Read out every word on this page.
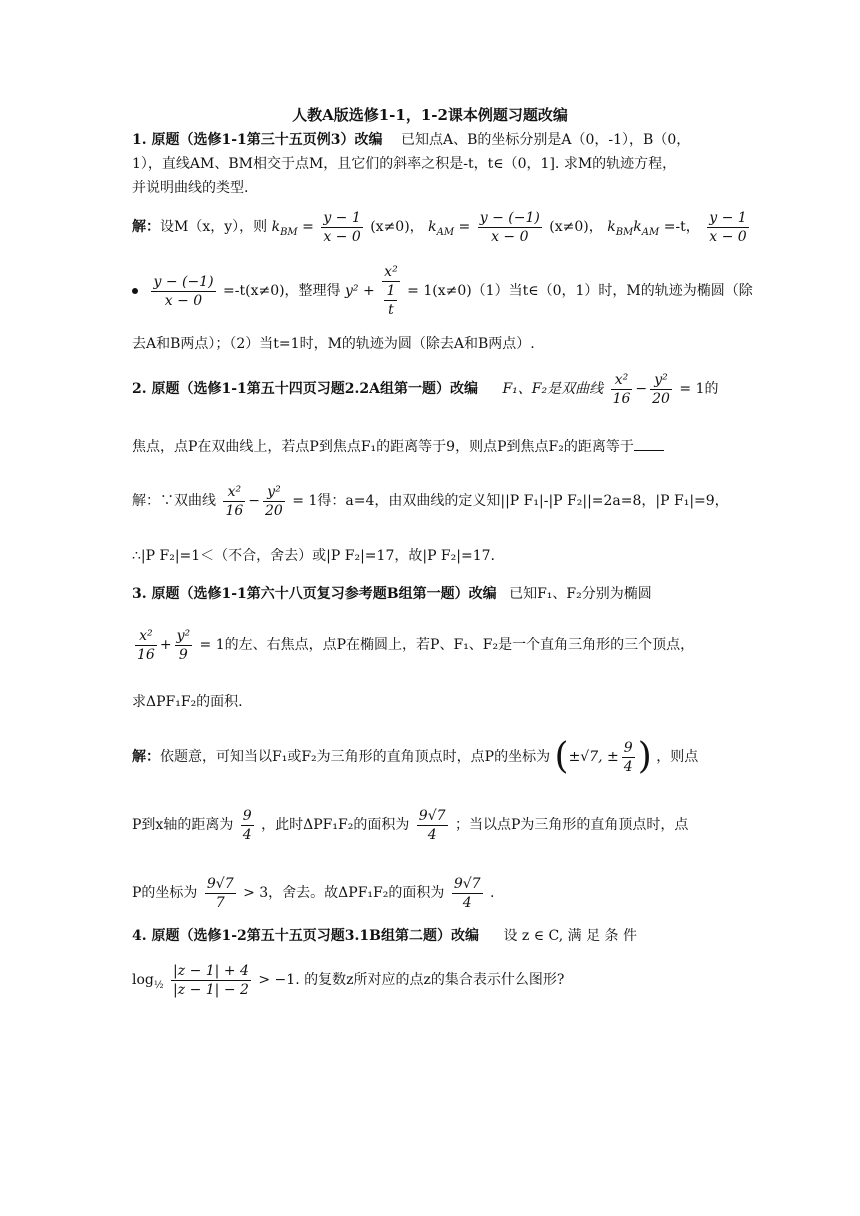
人教A版选修1-1，1-2课本例题习题改编
1. 原题（选修1-1第三十五页例3）改编 已知点A、B的坐标分别是A（0，-1），B（0，
1），直线AM、BM相交于点M，且它们的斜率之积是-t，t∈（0，1]. 求M的轨迹方程，
并说明曲线的类型.
解：设M（x，y），则 $k_{BM} = \frac{y - 1}{x - 0} (x\ne 0)$， $k_{AM} = \frac{y - (-1)}{x - 0} (x\ne 0)$， $k_{BM}k_{AM} =-t$， $\frac{y - 1}{x - 0}$

$\frac{y - (-1)}{x - 0} =-t(x\ne 0)$，整理得 $y^2 + \frac{\text{x²}}{\frac{1}{t}} = 1(x\ne 0)(1)$当t∈（0，1）时，M的轨迹为椭圆（除
去A和B两点）；（2）当t=1时，M的轨迹为圆（除去A和B两点）.
2. 原题（选修1-1第五十四页习题2.2A组第一题）改编 F₁、F₂是双曲线 $\frac{\text{x²}}{16} - \frac{\text{y²}}{20} = 1$的
焦点，点P在双曲线上，若点P到焦点F₁的距离等于9，则点P到焦点F₂的距离等于
解：∵双曲线 $\frac{\text{x²}}{16} - \frac{\text{y²}}{20} = 1$得：a=4，由双曲线的定义知||P F₁|-|P F₂||=2a=8，|P F₁|=9，
∴|P F₂|=1＜（不合，舍去）或|P F₂|=17，故|P F₂|=17.
3. 原题（选修1-1第六十八页复习参考题B组第一题）改编 已知F₁、F₂分别为椭圆
$\frac{\text{x²}}{16} + \frac{\text{y²}}{9} = 1$的左、右焦点，点P在椭圆上，若P、F₁、F₂是一个直角三角形的三个顶点，
求ΔPF₁F₂的面积.
解：依题意，可知当以F₁或F₂为三角形的直角顶点时，点P的坐标为 (±√7, ± $\frac{9}{4}$ ) ，则点
P到x轴的距离为 $\frac{9}{4}$ ，此时ΔPF₁F₂的面积为 $\frac{9√7}{4}$ ；当以点P为三角形的直角顶点时，点
P的坐标为 $\frac{9√7}{7} > 3$，舍去。故ΔPF₁F₂的面积为 $\frac{9√7}{4}$ .
4. 原题（选修1-2第五十五页习题3.1B组第二题）改编 设 z ∈ C, 满 足 条 件
$\log_{\frac{1}{2}} \frac{|z - 1| + 4}{|z - 1| - 2} > -1$. 的复数z所对应的点z的集合表示什么图形?
